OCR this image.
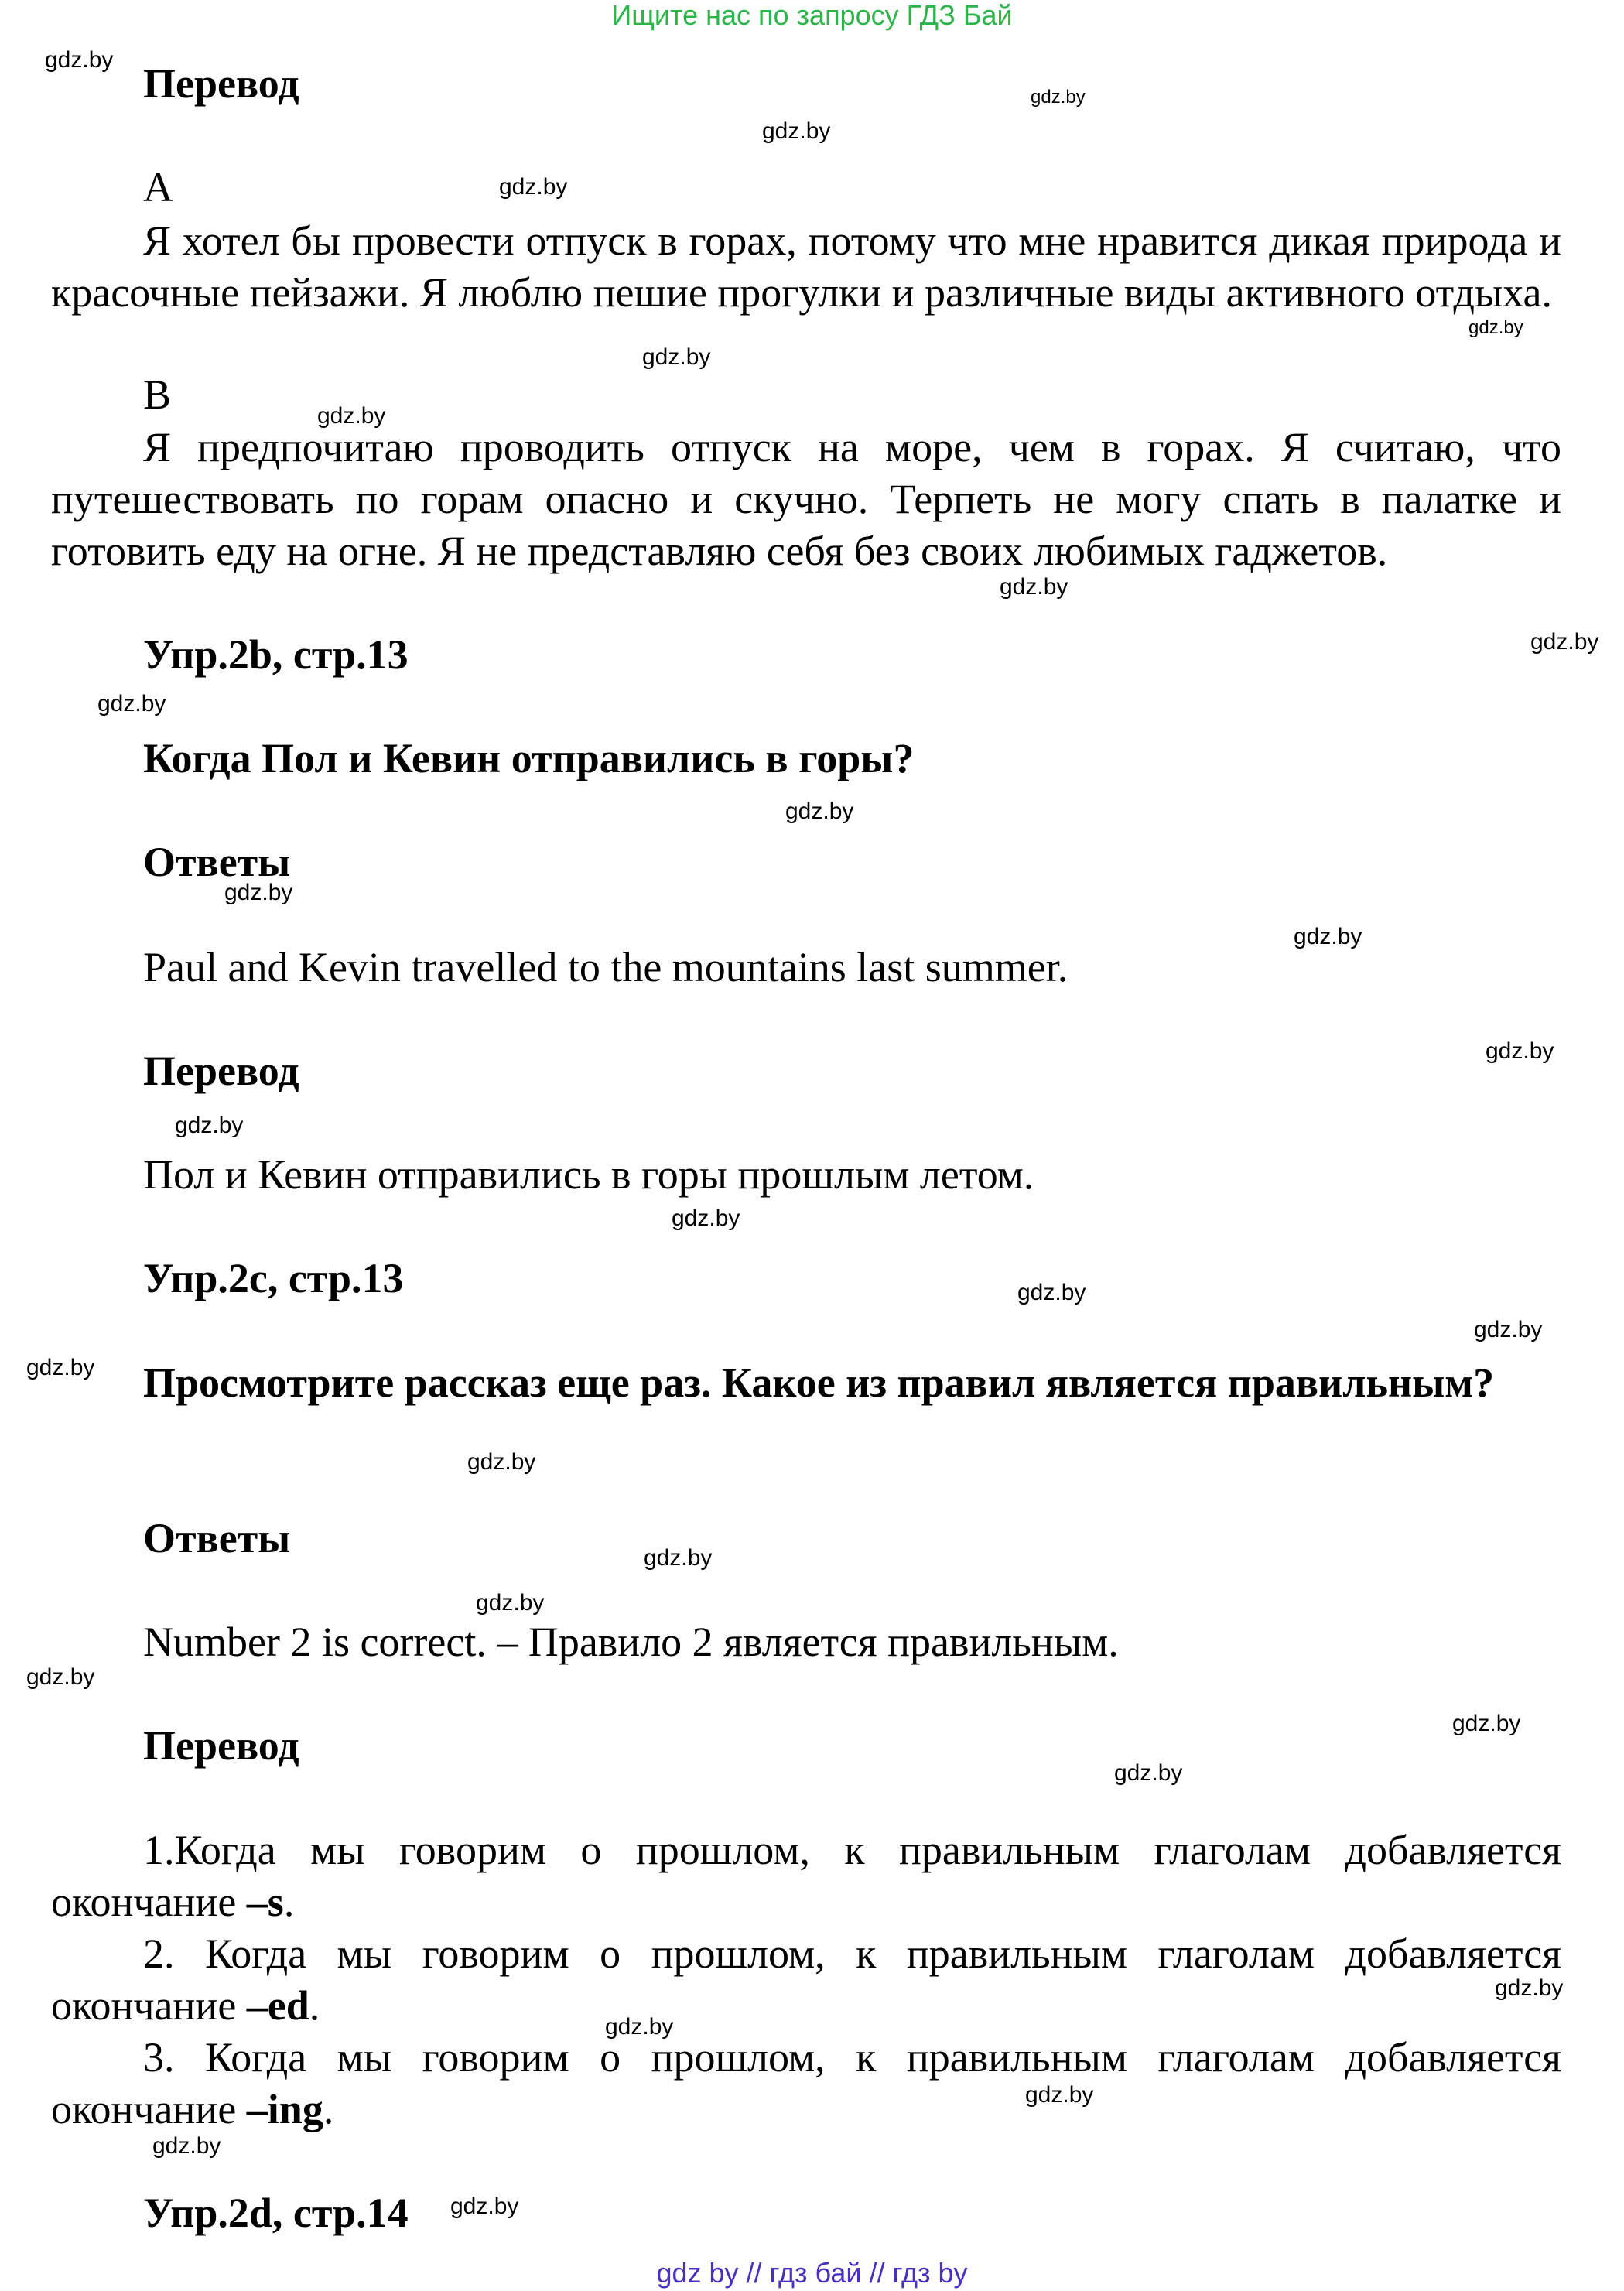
Ищите нас по запросу ГДЗ Бай
gdz.by
gdz.by
gdz.by
gdz.by
gdz.by
gdz.by
gdz.by
gdz.by
gdz.by
gdz.by
gdz.by
gdz.by
gdz.by
gdz.by
gdz.by
gdz.by
gdz.by
gdz.by
gdz.by
gdz.by
gdz.by
gdz.by
gdz.by
gdz.by
gdz.by
gdz.by
gdz.by
gdz.by
gdz.by
gdz.by
Перевод
А
Я хотел бы провести отпуск в горах, потому что мне нравится дикая природа и красочные пейзажи. Я люблю пешие прогулки и различные виды активного отдыха.
В
Я предпочитаю проводить отпуск на море, чем в горах. Я считаю, что путешествовать по горам опасно и скучно. Терпеть не могу спать в палатке и готовить еду на огне. Я не представляю себя без своих любимых гаджетов.
Упр.2b, стр.13
Когда Пол и Кевин отправились в горы?
Ответы
Paul and Kevin travelled to the mountains last summer.
Перевод
Пол и Кевин отправились в горы прошлым летом.
Упр.2c, стр.13
Просмотрите рассказ еще раз. Какое из правил является правильным?
Ответы
Number 2 is correct. – Правило 2 является правильным.
Перевод
1.Когда мы говорим о прошлом, к правильным глаголам добавляется окончание –s.
2. Когда мы говорим о прошлом, к правильным глаголам добавляется окончание –ed.
3. Когда мы говорим о прошлом, к правильным глаголам добавляется окончание –ing.
Упр.2d, стр.14
gdz by // гдз бай // гдз by
